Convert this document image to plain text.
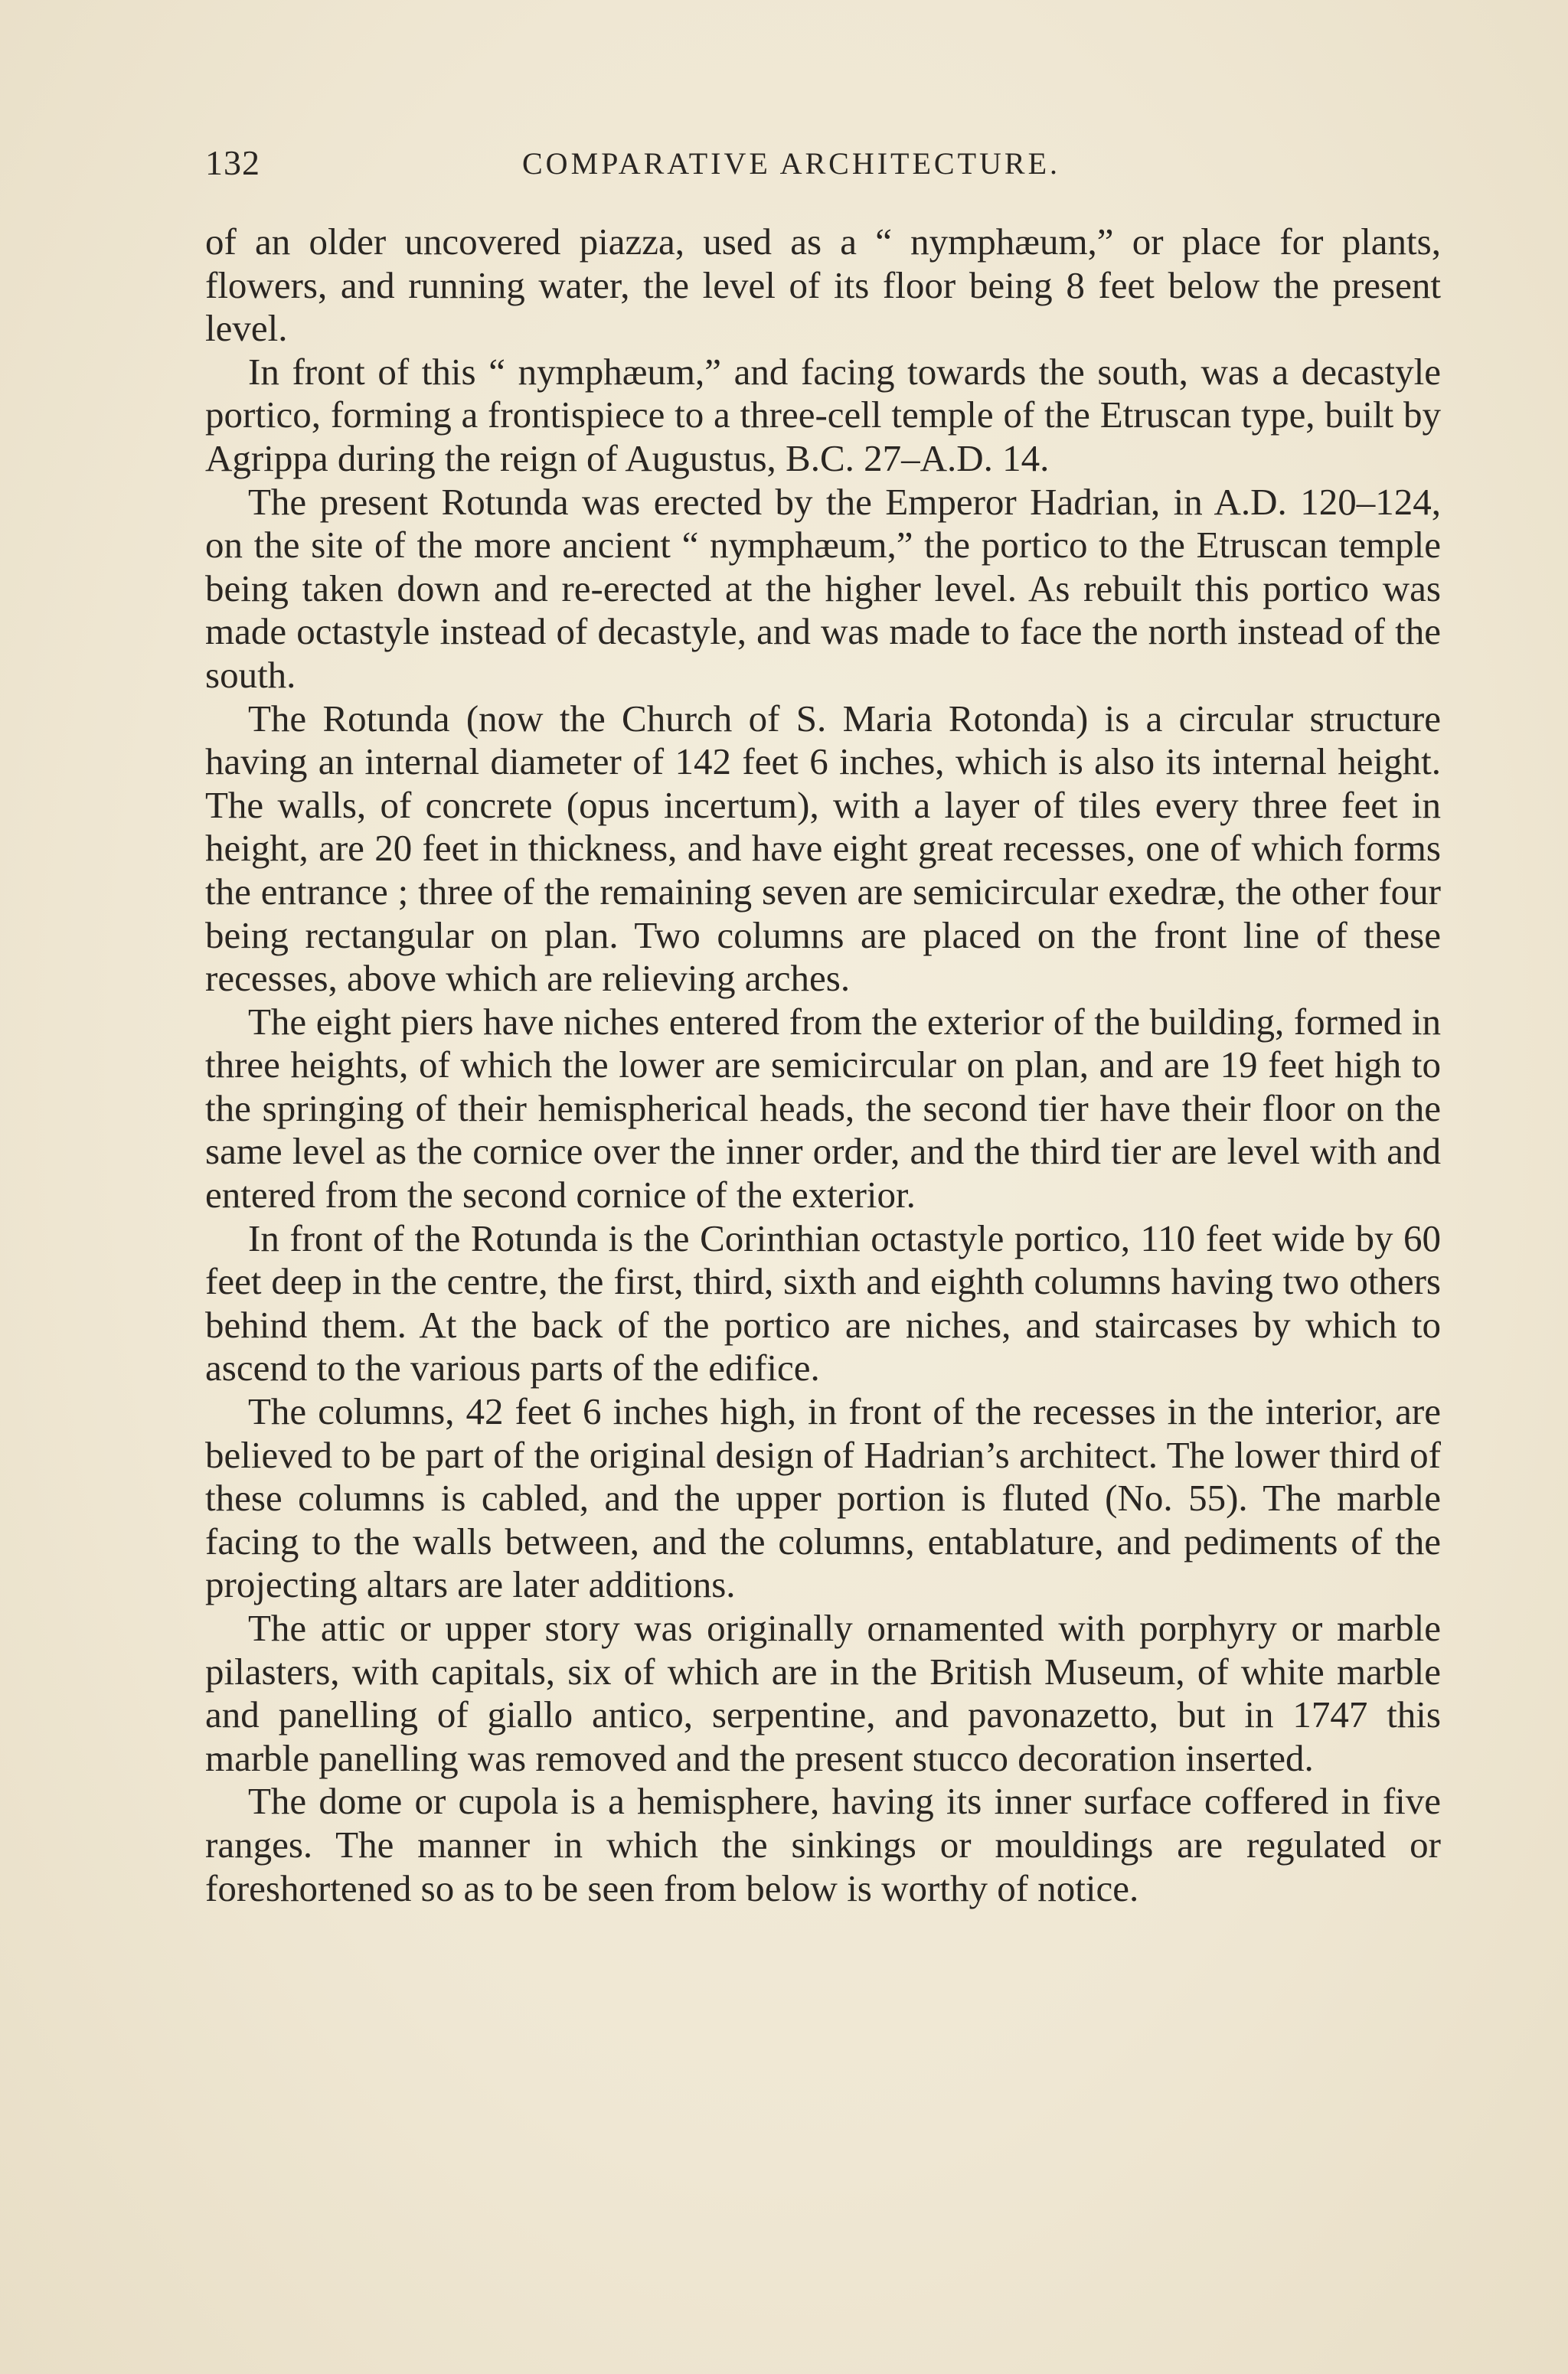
132	COMPARATIVE ARCHITECTURE.

of an older uncovered piazza, used as a “ nymphæum,” or place for plants, flowers, and running water, the level of its floor being 8 feet below the present level.

In front of this “ nymphæum,” and facing towards the south, was a decastyle portico, forming a frontispiece to a three-cell temple of the Etruscan type, built by Agrippa during the reign of Augustus, B.C. 27–A.D. 14.

The present Rotunda was erected by the Emperor Hadrian, in A.D. 120–124, on the site of the more ancient “ nymphæum,” the portico to the Etruscan temple being taken down and re-erected at the higher level. As rebuilt this portico was made octastyle instead of decastyle, and was made to face the north instead of the south.

The Rotunda (now the Church of S. Maria Rotonda) is a circular structure having an internal diameter of 142 feet 6 inches, which is also its internal height. The walls, of concrete (opus incertum), with a layer of tiles every three feet in height, are 20 feet in thickness, and have eight great recesses, one of which forms the entrance ; three of the remaining seven are semicircular exedræ, the other four being rectangular on plan. Two columns are placed on the front line of these recesses, above which are relieving arches.

The eight piers have niches entered from the exterior of the building, formed in three heights, of which the lower are semicircular on plan, and are 19 feet high to the springing of their hemispherical heads, the second tier have their floor on the same level as the cornice over the inner order, and the third tier are level with and entered from the second cornice of the exterior.

In front of the Rotunda is the Corinthian octastyle portico, 110 feet wide by 60 feet deep in the centre, the first, third, sixth and eighth columns having two others behind them. At the back of the portico are niches, and staircases by which to ascend to the various parts of the edifice.

The columns, 42 feet 6 inches high, in front of the recesses in the interior, are believed to be part of the original design of Hadrian’s architect. The lower third of these columns is cabled, and the upper portion is fluted (No. 55). The marble facing to the walls between, and the columns, entablature, and pediments of the projecting altars are later additions.

The attic or upper story was originally ornamented with porphyry or marble pilasters, with capitals, six of which are in the British Museum, of white marble and panelling of giallo antico, serpentine, and pavonazetto, but in 1747 this marble panelling was removed and the present stucco decoration inserted.

The dome or cupola is a hemisphere, having its inner surface coffered in five ranges. The manner in which the sinkings or mouldings are regulated or foreshortened so as to be seen from below is worthy of notice.
